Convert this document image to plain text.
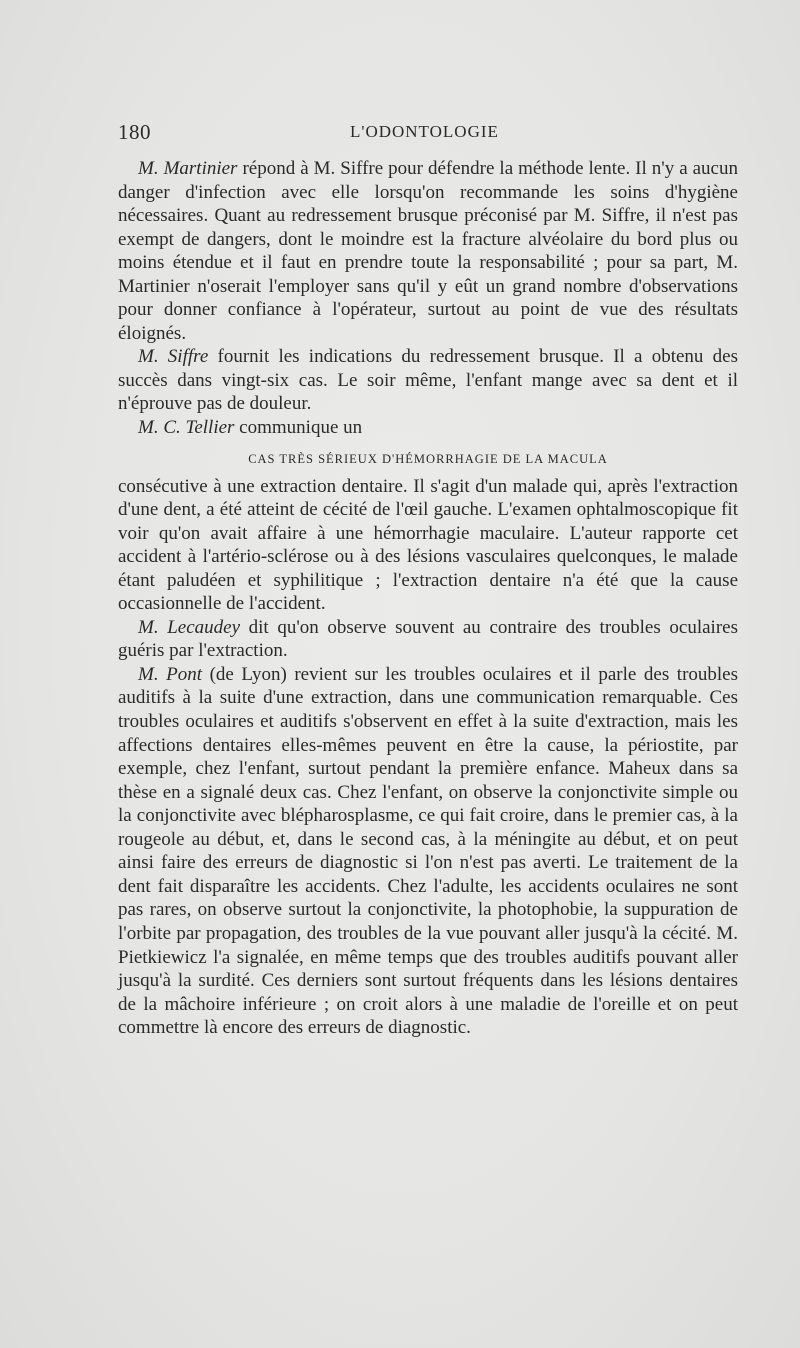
180	L'ODONTOLOGIE

M. Martinier répond à M. Siffre pour défendre la méthode lente. Il n'y a aucun danger d'infection avec elle lorsqu'on recommande les soins d'hygiène nécessaires. Quant au redressement brusque préconisé par M. Siffre, il n'est pas exempt de dangers, dont le moindre est la fracture alvéolaire du bord plus ou moins étendue et il faut en prendre toute la responsabilité ; pour sa part, M. Martinier n'oserait l'employer sans qu'il y eût un grand nombre d'observations pour donner confiance à l'opérateur, surtout au point de vue des résultats éloignés.

M. Siffre fournit les indications du redressement brusque. Il a obtenu des succès dans vingt-six cas. Le soir même, l'enfant mange avec sa dent et il n'éprouve pas de douleur.

M. C. Tellier communique un

CAS TRÈS SÉRIEUX D'HÉMORRHAGIE DE LA MACULA

consécutive à une extraction dentaire. Il s'agit d'un malade qui, après l'extraction d'une dent, a été atteint de cécité de l'œil gauche. L'examen ophtalmoscopique fit voir qu'on avait affaire à une hémorrhagie maculaire. L'auteur rapporte cet accident à l'artério-sclérose ou à des lésions vasculaires quelconques, le malade étant paludéen et syphilitique ; l'extraction dentaire n'a été que la cause occasionnelle de l'accident.

M. Lecaudey dit qu'on observe souvent au contraire des troubles oculaires guéris par l'extraction.

M. Pont (de Lyon) revient sur les troubles oculaires et il parle des troubles auditifs à la suite d'une extraction, dans une communication remarquable. Ces troubles oculaires et auditifs s'observent en effet à la suite d'extraction, mais les affections dentaires elles-mêmes peuvent en être la cause, la périostite, par exemple, chez l'enfant, surtout pendant la première enfance. Maheux dans sa thèse en a signalé deux cas. Chez l'enfant, on observe la conjonctivite simple ou la conjonctivite avec blépharosplasme, ce qui fait croire, dans le premier cas, à la rougeole au début, et, dans le second cas, à la méningite au début, et on peut ainsi faire des erreurs de diagnostic si l'on n'est pas averti. Le traitement de la dent fait disparaître les accidents. Chez l'adulte, les accidents oculaires ne sont pas rares, on observe surtout la conjonctivite, la photophobie, la suppuration de l'orbite par propagation, des troubles de la vue pouvant aller jusqu'à la cécité. M. Pietkiewicz l'a signalée, en même temps que des troubles auditifs pouvant aller jusqu'à la surdité. Ces derniers sont surtout fréquents dans les lésions dentaires de la mâchoire inférieure ; on croit alors à une maladie de l'oreille et on peut commettre là encore des erreurs de diagnostic.
